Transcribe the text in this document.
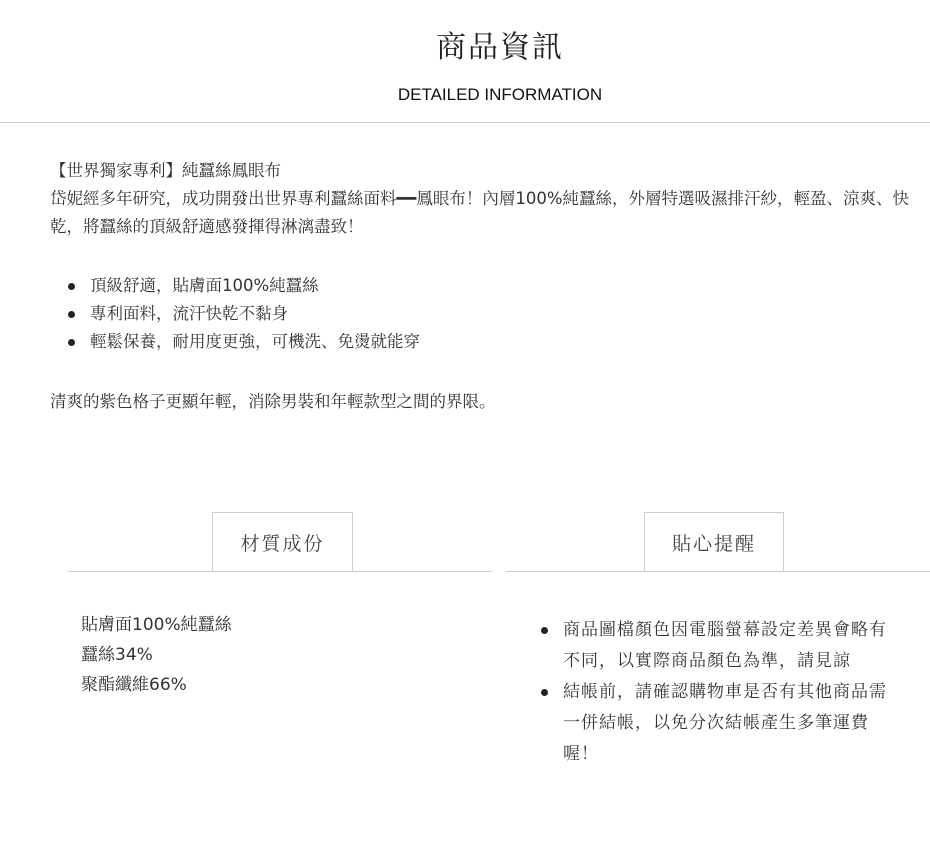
商品資訊
DETAILED INFORMATION

【世界獨家專利】純蠶絲鳳眼布

岱妮經多年研究，成功開發出世界專利蠶絲面料━━鳳眼布！內層100%純蠶絲，外層特選吸濕排汗紗，輕盈、涼爽、快乾，將蠶絲的頂級舒適感發揮得淋漓盡致！

頂級舒適，貼膚面100%純蠶絲
專利面料，流汗快乾不黏身
輕鬆保養，耐用度更強，可機洗、免燙就能穿

清爽的紫色格子更顯年輕，消除男裝和年輕款型之間的界限。

材質成份	貼心提醒
貼膚面100%純蠶絲
蠶絲34%
聚酯纖維66%
商品圖檔顏色因電腦螢幕設定差異會略有不同，以實際商品顏色為準，請見諒
結帳前，請確認購物車是否有其他商品需一併結帳，以免分次結帳產生多筆運費喔！
